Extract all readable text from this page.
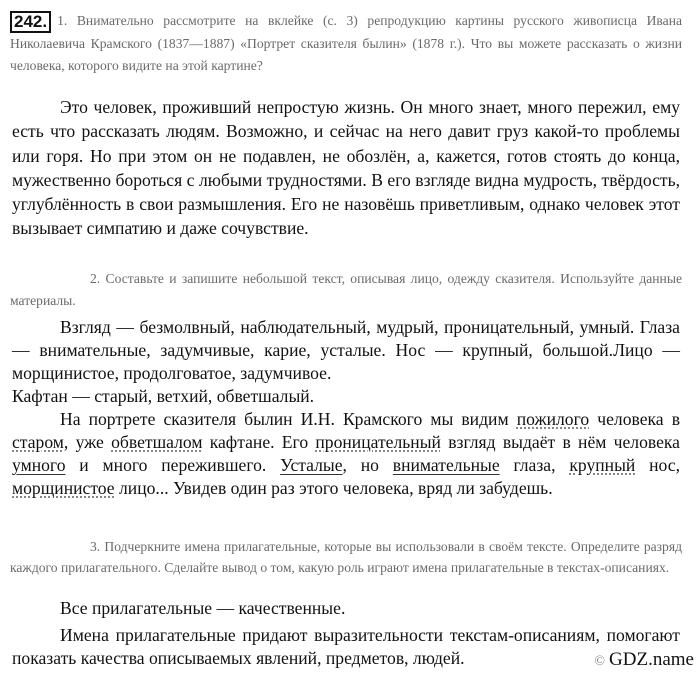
242. 1. Внимательно рассмотрите на вклейке (с. 3) репродукцию картины русского живописца Ивана Николаевича Крамского (1837—1887) «Портрет сказителя былин» (1878 г.). Что вы можете рассказать о жизни человека, которого видите на этой картине?

Это человек, проживший непростую жизнь. Он много знает, много пережил, ему есть что рассказать людям. Возможно, и сейчас на него давит груз какой-то проблемы или горя. Но при этом он не подавлен, не обозлён, а, кажется, готов стоять до конца, мужественно бороться с любыми трудностями. В его взгляде видна мудрость, твёрдость, углублённость в свои размышления. Его не назовёшь приветливым, однако человек этот вызывает симпатию и даже сочувствие.

2. Составьте и запишите небольшой текст, описывая лицо, одежду сказителя. Используйте данные материалы.

Взгляд — безмолвный, наблюдательный, мудрый, проницательный, умный. Глаза — внимательные, задумчивые, карие, усталые. Нос — крупный, большой.Лицо — морщинистое, продолговатое, задумчивое.

Кафтан — старый, ветхий, обветшалый.

На портрете сказителя былин И.Н. Крамского мы видим пожилого человека в старом, уже обветшалом кафтане. Его проницательный взгляд выдаёт в нём человека умного и много пережившего. Усталые, но внимательные глаза, крупный нос, морщинистое лицо... Увидев один раз этого человека, вряд ли забудешь.

3. Подчеркните имена прилагательные, которые вы использовали в своём тексте. Определите разряд каждого прилагательного. Сделайте вывод о том, какую роль играют имена прилагательные в текстах-описаниях.

Все прилагательные — качественные.

Имена прилагательные придают выразительности текстам-описаниям, помогают показать качества описываемых явлений, предметов, людей.	© GDZ.name
